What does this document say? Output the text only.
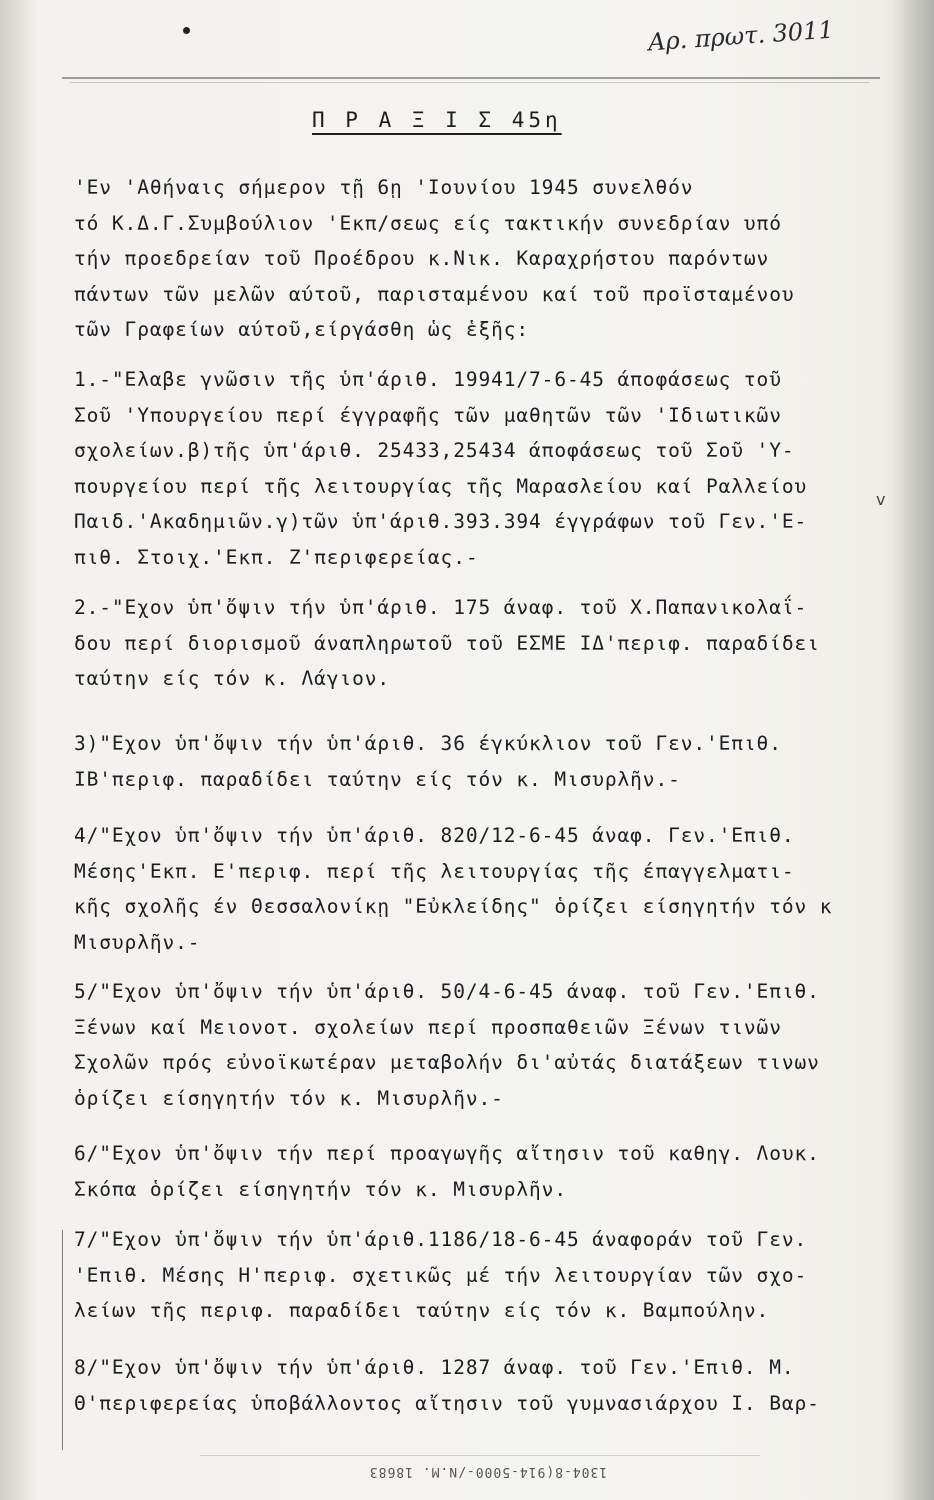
Αρ. πρωτ. 3011
Π Ρ Α Ξ Ι Σ 45η
'Εν 'Αθήναις σήμερον τῇ 6ῃ 'Ιουνίου 1945 συνελθόν
τό Κ.Δ.Γ.Συμβούλιον 'Εκπ/σεως είς τακτικήν συνεδρίαν υπό
τήν προεδρείαν τοῦ Προέδρου κ.Νικ. Καραχρήστου παρόντων
πάντων τῶν μελῶν αύτοῦ, παρισταμένου καί τοῦ προϊσταμένου
τῶν Γραφείων αύτοῦ,είργάσθη ὡς ἑξῆς:
1.-"Ελαβε γνῶσιν τῆς ὑπ'άριθ. 19941/7-6-45 άποφάσεως τοῦ
Σοῦ 'Υπουργείου περί έγγραφῆς τῶν μαθητῶν τῶν 'Ιδιωτικῶν
σχολείων.β)τῆς ὑπ'άριθ. 25433,25434 άποφάσεως τοῦ Σοῦ 'Υ-
πουργείου περί τῆς λειτουργίας τῆς Μαρασλείου καί Ραλλείου
Παιδ.'Ακαδημιῶν.γ)τῶν ὑπ'άριθ.393.394 έγγράφων τοῦ Γεν.'Ε-
πιθ. Στοιχ.'Εκπ. Ζ'περιφερείας.-
2.-"Εχον ὑπ'ὄψιν τήν ὑπ'άριθ. 175 άναφ. τοῦ Χ.Παπανικολαΐ-
δου περί διορισμοῦ άναπληρωτοῦ τοῦ ΕΣΜΕ ΙΔ'περιφ. παραδίδει
ταύτην είς τόν κ. Λάγιον.
3)"Εχον ὑπ'ὄψιν τήν ὑπ'άριθ. 36 έγκύκλιον τοῦ Γεν.'Επιθ.
ΙΒ'περιφ. παραδίδει ταύτην είς τόν κ. Μισυρλῆν.-
4/"Εχον ὑπ'ὄψιν τήν ὑπ'άριθ. 820/12-6-45 άναφ. Γεν.'Επιθ.
Μέσης'Εκπ. Ε'περιφ. περί τῆς λειτουργίας τῆς έπαγγελματι-
κῆς σχολῆς έν Θεσσαλονίκῃ "Εὐκλείδης" ὁρίζει είσηγητήν τόν κ
Μισυρλῆν.-
5/"Εχον ὑπ'ὄψιν τήν ὑπ'άριθ. 50/4-6-45 άναφ. τοῦ Γεν.'Επιθ.
Ξένων καί Μειονοτ. σχολείων περί προσπαθειῶν Ξένων τινῶν
Σχολῶν πρός εὐνοϊκωτέραν μεταβολήν δι'αὐτάς διατάξεων τινων
ὁρίζει είσηγητήν τόν κ. Μισυρλῆν.-
6/"Εχον ὑπ'ὄψιν τήν περί προαγωγῆς αἴτησιν τοῦ καθηγ. Λουκ.
Σκόπα ὁρίζει είσηγητήν τόν κ. Μισυρλῆν.
7/"Εχον ὑπ'ὄψιν τήν ὑπ'άριθ.1186/18-6-45 άναφοράν τοῦ Γεν.
'Επιθ. Μέσης Η'περιφ. σχετικῶς μέ τήν λειτουργίαν τῶν σχο-
λείων τῆς περιφ. παραδίδει ταύτην είς τόν κ. Βαμπούλην.
8/"Εχον ὑπ'ὄψιν τήν ὑπ'άριθ. 1287 άναφ. τοῦ Γεν.'Επιθ. Μ.
Θ'περιφερείας ὑποβάλλοντος αἴτησιν τοῦ γυμνασιάρχου Ι. Βαρ-
v
1304-8(914-5000-/Ν.Μ. 18683
